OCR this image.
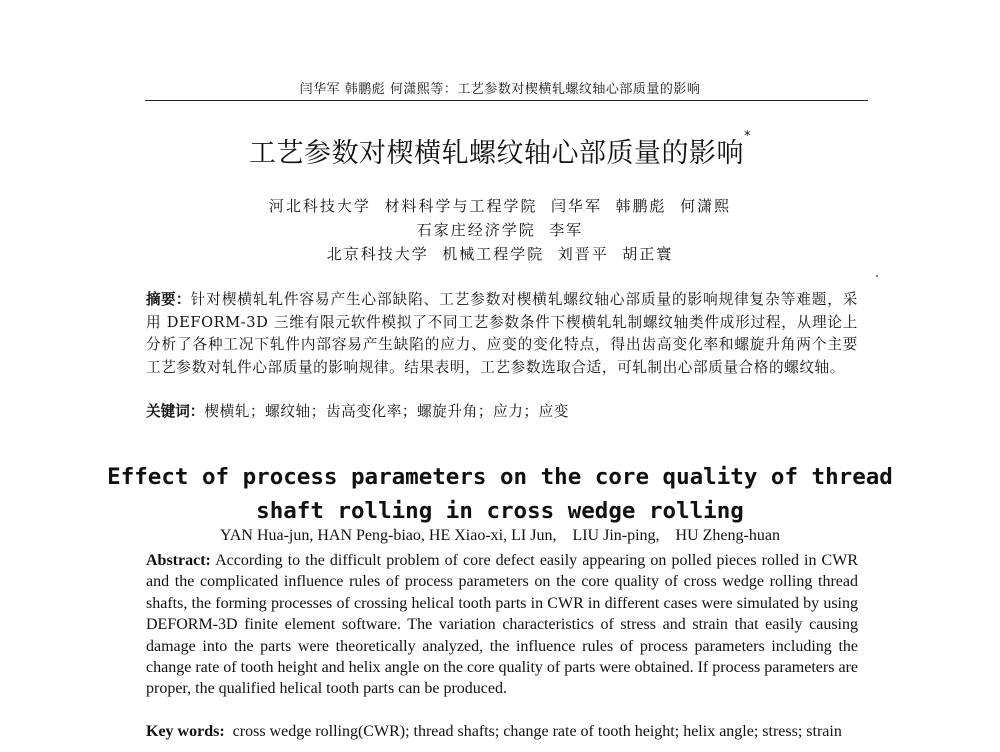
闫华军 韩鹏彪 何潇熙等：工艺参数对楔横轧螺纹轴心部质量的影响
工艺参数对楔横轧螺纹轴心部质量的影响*
河北科技大学  材料科学与工程学院  闫华军  韩鹏彪  何潇熙
石家庄经济学院  李军
北京科技大学  机械工程学院  刘晋平  胡正寰
摘要：针对楔横轧轧件容易产生心部缺陷、工艺参数对楔横轧螺纹轴心部质量的影响规律复杂等难题，采用 DEFORM-3D 三维有限元软件模拟了不同工艺参数条件下楔横轧轧制螺纹轴类件成形过程，从理论上分析了各种工况下轧件内部容易产生缺陷的应力、应变的变化特点，得出齿高变化率和螺旋升角两个主要工艺参数对轧件心部质量的影响规律。结果表明，工艺参数选取合适，可轧制出心部质量合格的螺纹轴。
关键词：楔横轧；螺纹轴；齿高变化率；螺旋升角；应力；应变
Effect of process parameters on the core quality of thread
shaft rolling in cross wedge rolling
YAN Hua-jun, HAN Peng-biao, HE Xiao-xi, LI Jun,    LIU Jin-ping,    HU Zheng-huan
Abstract: According to the difficult problem of core defect easily appearing on polled pieces rolled in CWR and the complicated influence rules of process parameters on the core quality of cross wedge rolling thread shafts, the forming processes of crossing helical tooth parts in CWR in different cases were simulated by using DEFORM-3D finite element software. The variation characteristics of stress and strain that easily causing damage into the parts were theoretically analyzed, the influence rules of process parameters including the change rate of tooth height and helix angle on the core quality of parts were obtained. If process parameters are proper, the qualified helical tooth parts can be produced.
Key words: cross wedge rolling(CWR); thread shafts; change rate of tooth height; helix angle; stress; strain
